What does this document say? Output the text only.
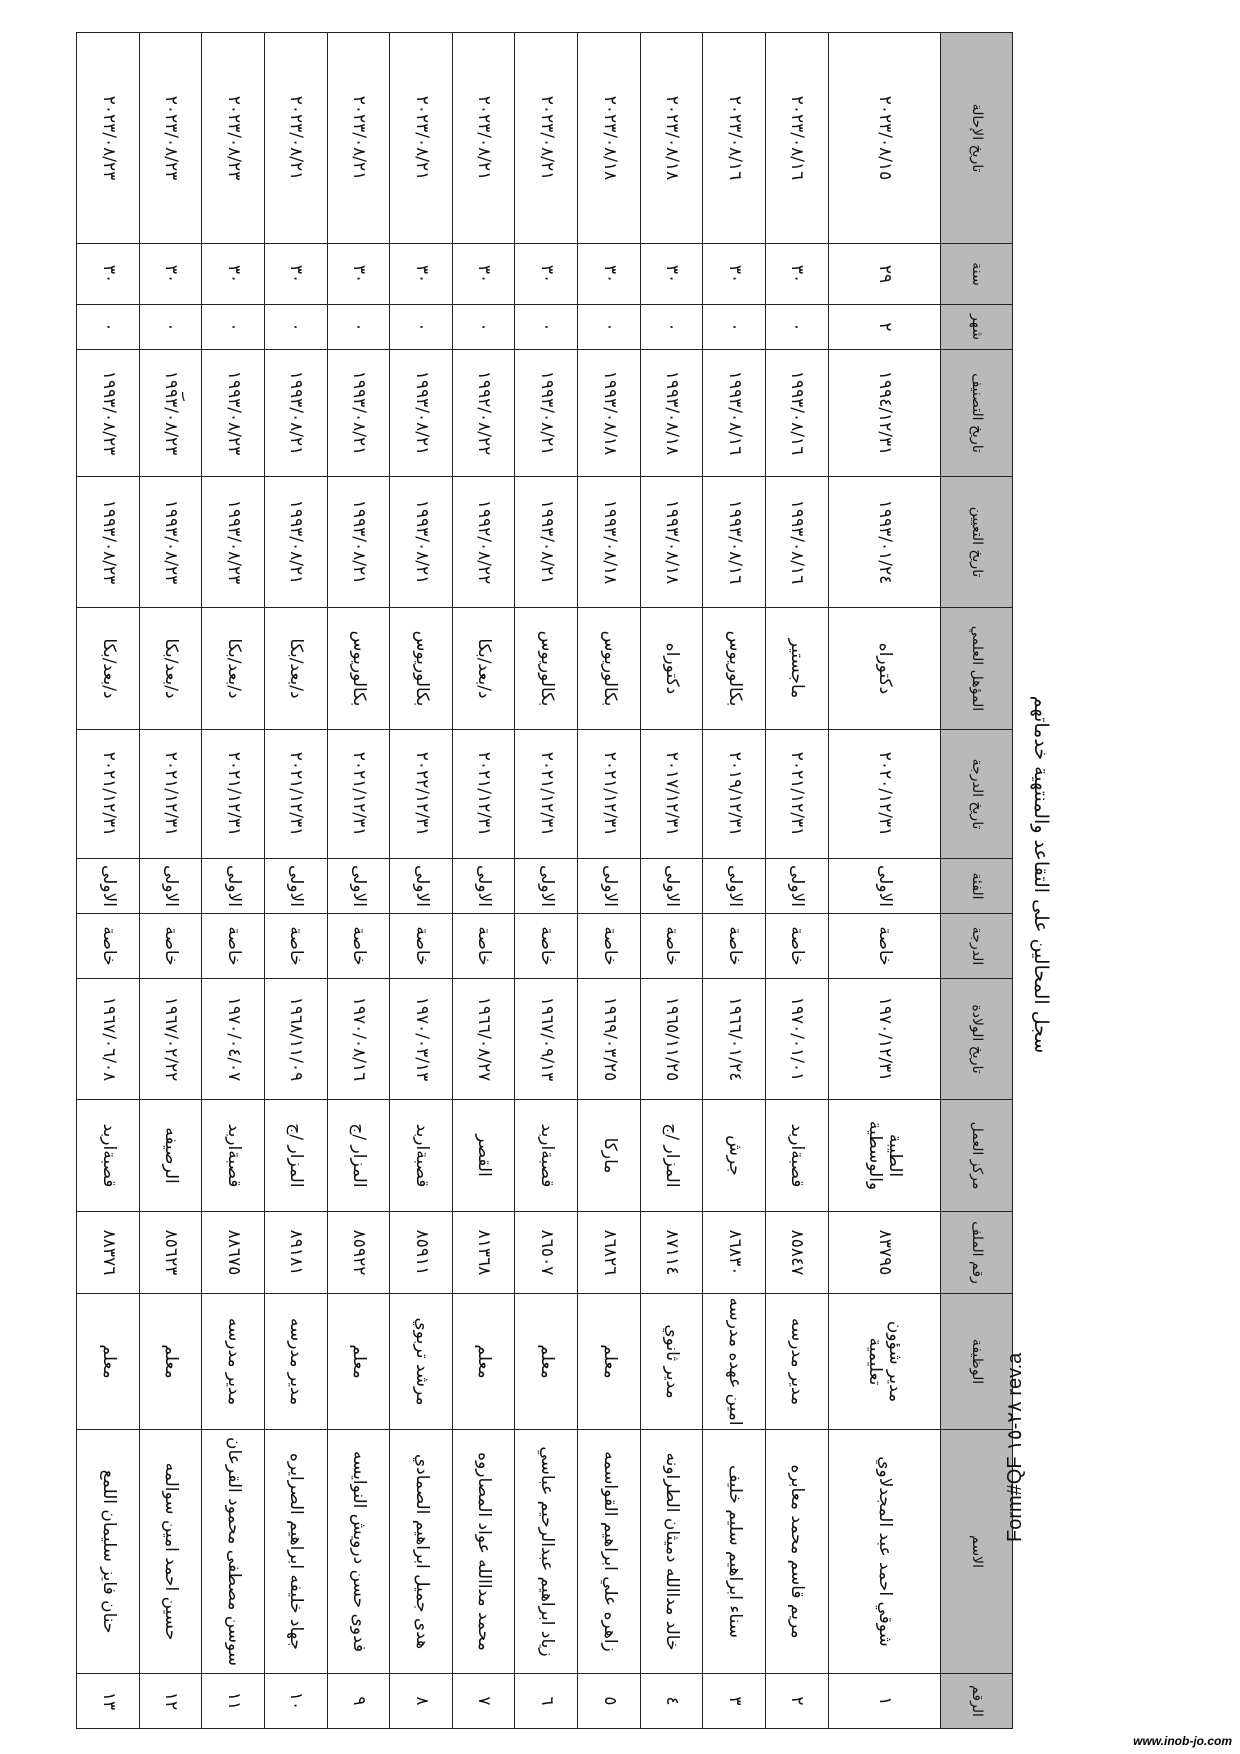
سجل المحالين على التقاعد والمنتهية خدماتهم
الرقم	الاسم	الوظيفة	رقم الملف	مركز العمل	تاريخ الولادة	الدرجة	الفئة	تاريخ الدرجة	المؤهل العلمي	تاريخ التعيين	تاريخ التصنيف	شهر	سنة	تاريخ الإحالة
١	شوقي احمد عبد المجدلاوي	مدير شؤون تعليمية	٨٣٧٩٥	الطيبة والوسطية	١٩٧٠/١٢/٣١	خاصة	الاولى	٢٠٢٠/١٢/٣١	دكتوراه	١٩٩٣/٠١/٢٤	١٩٩٤/١٢/٣١	٢	٢٩	٢٠٢٣/٠٨/١٥
٢	مريم قاسم محمد معابره	مدير مدرسه	٨٥٨٤٧	قصبةاربد	١٩٧٠/٠١/٠١	خاصة	الاولى	٢٠٢١/١٢/٣١	ماجستير	١٩٩٣/٠٨/١٦	١٩٩٣/٠٨/١٦	٠	٣٠	٢٠٢٣/٠٨/١٦
٣	سناء ابراهيم سليم خليف	امين عهده مدرسه	٨٦٨٣٠	جرش	١٩٦٦/٠١/٢٤	خاصة	الاولى	٢٠١٩/١٢/٣١	بكالوريوس	١٩٩٣/٠٨/١٦	١٩٩٣/٠٨/١٦	٠	٣٠	٢٠٢٣/٠٨/١٦
٤	خالد مداالله دميثان الطراونه	مدير ثانوي	٨٧١١٤	المزار /ج	١٩٦٥/١١/٢٥	خاصة	الاولى	٢٠١٧/١٢/٣١	دكتوراه	١٩٩٣/٠٨/١٨	١٩٩٣/٠٨/١٨	٠	٣٠	٢٠٢٣/٠٨/١٨
٥	زاهره علي ابراهيم القواسمه	معلم	٨٦٨٢٦	ماركا	١٩٦٩/٠٣/٢٥	خاصة	الاولى	٢٠٢١/١٢/٣١	بكالوريوس	١٩٩٣/٠٨/١٨	١٩٩٣/٠٨/١٨	٠	٣٠	٢٠٢٣/٠٨/١٨
٦	زياد ابراهيم عبدالرحيم عباسي	معلم	٨٦٥٠٧	قصبةاربد	١٩٦٧/٠٩/١٣	خاصة	الاولى	٢٠٢١/١٢/٣١	بكالوريوس	١٩٩٣/٠٨/٢١	١٩٩٣/٠٨/٢١	٠	٣٠	٢٠٢٣/٠٨/٢١
٧	محمد مداالله عواد المصاروه	معلم	٨١٣٦٨	القصر	١٩٦٦/٠٨/٢٧	خاصة	الاولى	٢٠٢١/١٢/٣١	د/بعد/بكا	١٩٩٢/٠٨/٢٢	١٩٩٢/٠٨/٢٢	٠	٣٠	٢٠٢٣/٠٨/٢١
٨	هدى جميل ابراهيم الصمادي	مرشد تربوي	٨٥٩١١	قصبةاربد	١٩٧٠/٠٣/١٣	خاصة	الاولى	٢٠٢٢/١٢/٣١	بكالوريوس	١٩٩٣/٠٨/٢١	١٩٩٣/٠٨/٢١	٠	٣٠	٢٠٢٣/٠٨/٢١
٩	فدوى حسن درويش النوايسه	معلم	٨٥٩٢٢	المزار /ج	١٩٧٠/٠٨/١٦	خاصة	الاولى	٢٠٢١/١٢/٣١	بكالوريوس	١٩٩٣/٠٨/٢١	١٩٩٣/٠٨/٢١	٠	٣٠	٢٠٢٣/٠٨/٢١
١٠	جهاد خليفه ابراهيم الصرايره	مدير مدرسه	٨٩١٨١	المزار /ج	١٩٦٨/١١/٠٩	خاصة	الاولى	٢٠٢١/١٢/٣١	د/بعد/بكا	١٩٩٣/٠٨/٢١	١٩٩٣/٠٨/٢١	٠	٣٠	٢٠٢٣/٠٨/٢١
١١	سوسن مصطفى محمود القرعان	مدير مدرسه	٨٨٦٧٥	قصبةاربد	١٩٧٠/٠٤/٠٧	خاصة	الاولى	٢٠٢١/١٢/٣١	د/بعد/بكا	١٩٩٣/٠٨/٢٣	١٩٩٣/٠٨/٢٣	٠	٣٠	٢٠٢٣/٠٨/٢٣
١٢	حسين احمد امين سوالمه	معلم	٨٥٦٢٣	الرصيفه	١٩٦٧/٠٢/٢٢	خاصة	الاولى	٢٠٢١/١٢/٣١	د/بعد/بكا	١٩٩٣/٠٨/٢٣	١٩٩٣/٠٨/٢٣	٠	٣٠	٢٠٢٣/٠٨/٢٣
١٣	حنان فايز سليمان اللمع	معلم	٨٨٣٧٦	قصبةاربد	١٩٦٧/٠٦/٠٨	خاصة	الاولى	٢٠٢١/١٢/٣١	د/بعد/بكا	١٩٩٣/٠٨/٢٣	١٩٩٣/٠٨/٢٣	٠	٣٠	٢٠٢٣/٠٨/٢٣
١
Form#QF ٢٨-١٥ rev.a
www.inob-jo.com
